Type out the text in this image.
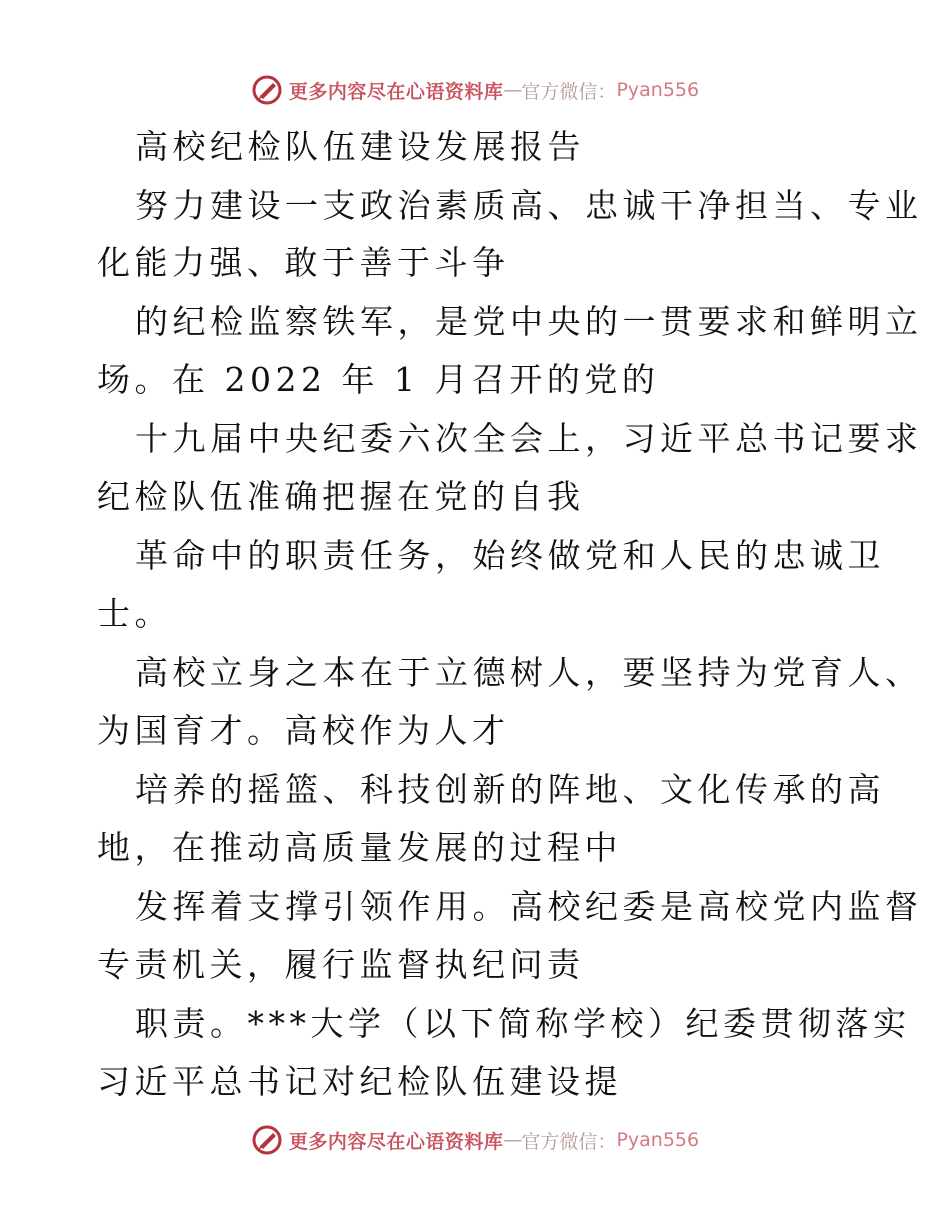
更多内容尽在心语资料库 — 官方微信： Pyan556
高校纪检队伍建设发展报告
努力建设一支政治素质高、忠诚干净担当、专业
化能力强、敢于善于斗争
的纪检监察铁军，是党中央的一贯要求和鲜明立
场。在 2022 年 1 月召开的党的
十九届中央纪委六次全会上，习近平总书记要求
纪检队伍准确把握在党的自我
革命中的职责任务，始终做党和人民的忠诚卫
士。
高校立身之本在于立德树人，要坚持为党育人、
为国育才。高校作为人才
培养的摇篮、科技创新的阵地、文化传承的高
地，在推动高质量发展的过程中
发挥着支撑引领作用。高校纪委是高校党内监督
专责机关，履行监督执纪问责
职责。***大学（以下简称学校）纪委贯彻落实
习近平总书记对纪检队伍建设提
更多内容尽在心语资料库 — 官方微信： Pyan556
